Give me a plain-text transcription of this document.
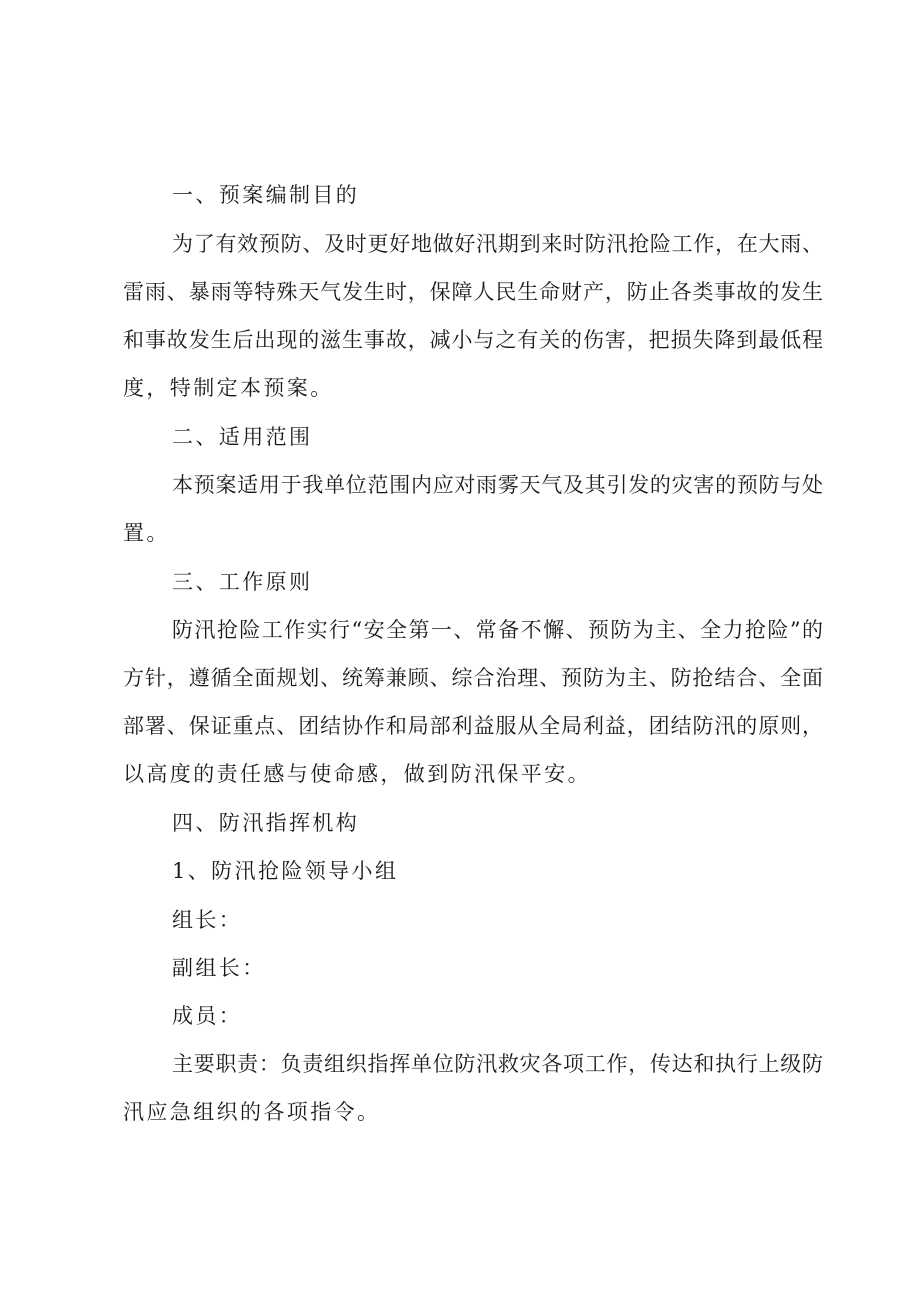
一、预案编制目的
为了有效预防、及时更好地做好汛期到来时防汛抢险工作，在大雨、
雷雨、暴雨等特殊天气发生时，保障人民生命财产，防止各类事故的发生
和事故发生后出现的滋生事故，减小与之有关的伤害，把损失降到最低程
度，特制定本预案。
二、适用范围
本预案适用于我单位范围内应对雨雾天气及其引发的灾害的预防与处
置。
三、工作原则
防汛抢险工作实行“安全第一、常备不懈、预防为主、全力抢险”的
方针，遵循全面规划、统筹兼顾、综合治理、预防为主、防抢结合、全面
部署、保证重点、团结协作和局部利益服从全局利益，团结防汛的原则，
以高度的责任感与使命感，做到防汛保平安。
四、防汛指挥机构
1、防汛抢险领导小组
组长：
副组长：
成员：
主要职责：负责组织指挥单位防汛救灾各项工作，传达和执行上级防
汛应急组织的各项指令。
